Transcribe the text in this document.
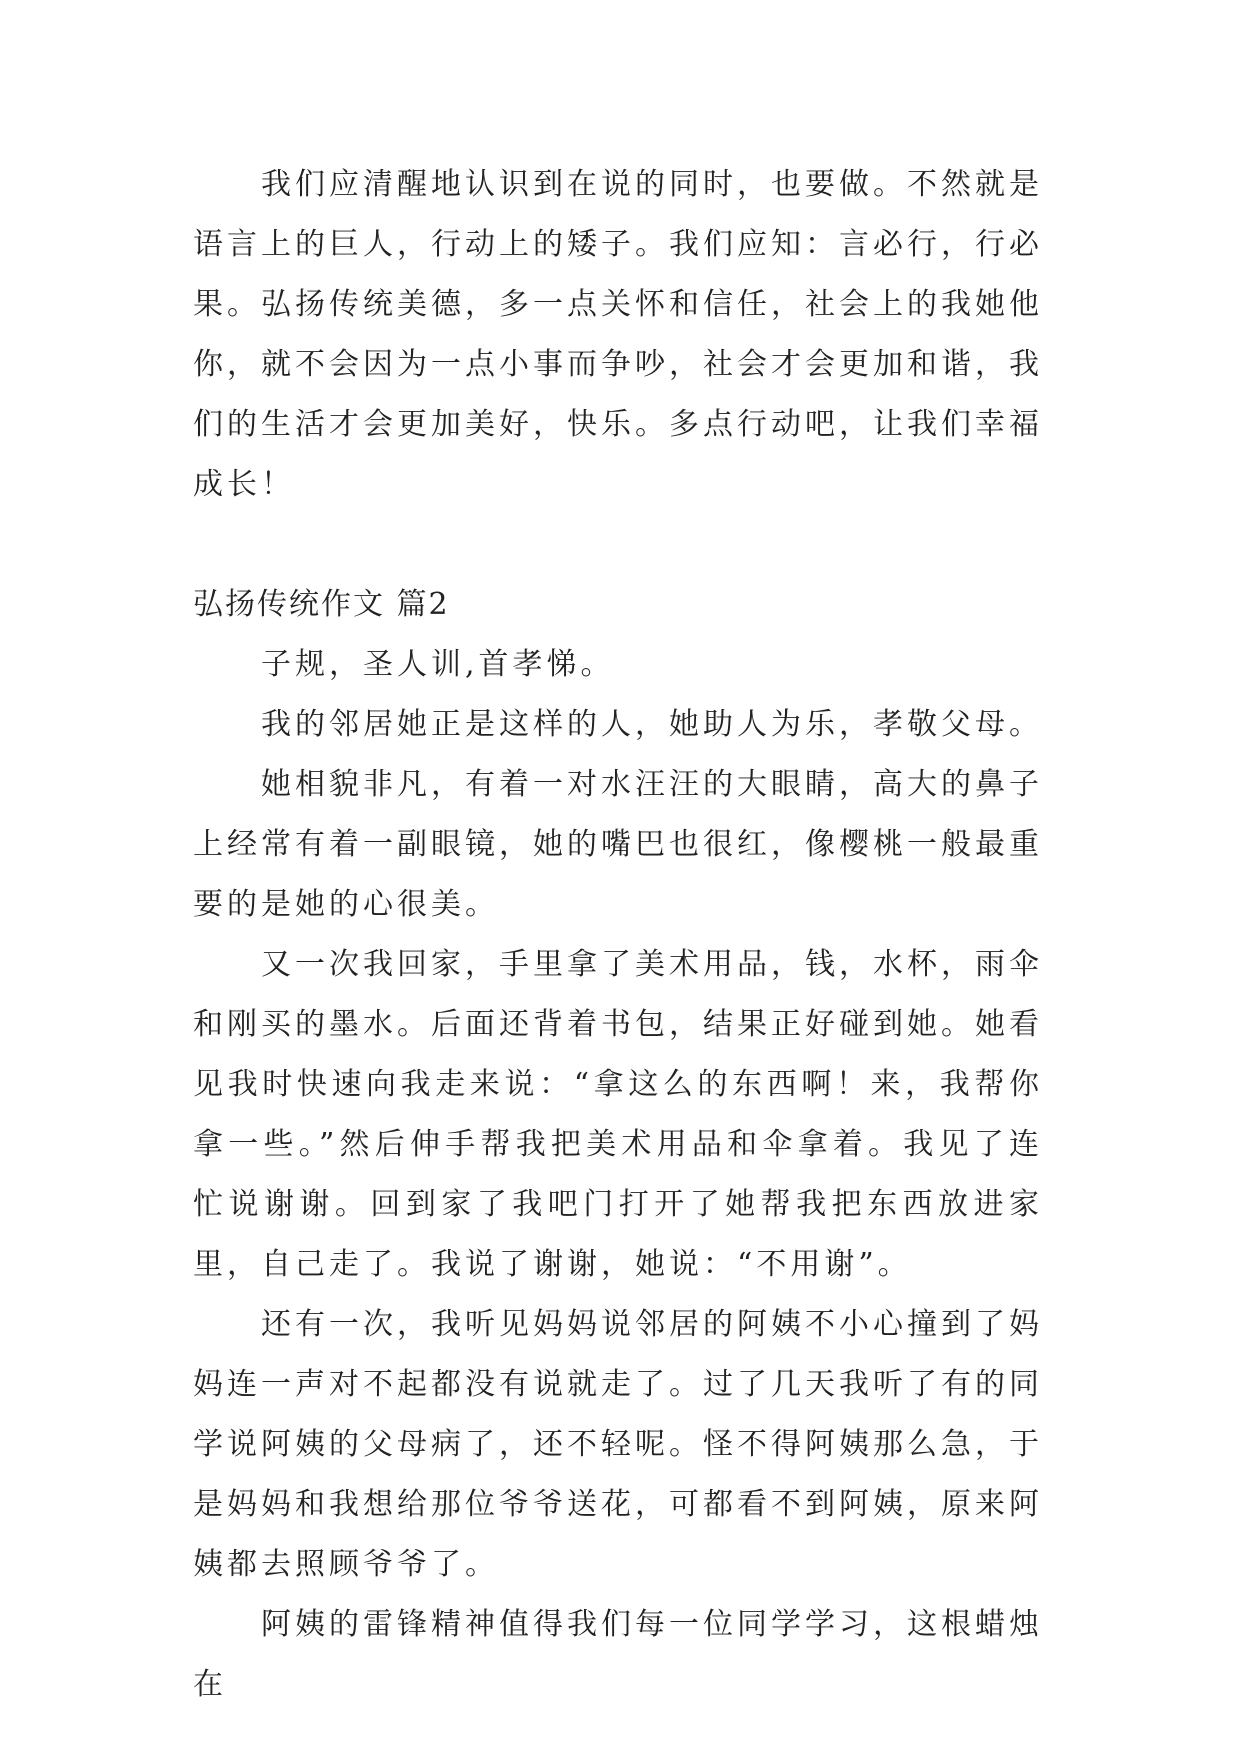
我们应清醒地认识到在说的同时，也要做。不然就是语言上的巨人，行动上的矮子。我们应知：言必行，行必果。弘扬传统美德，多一点关怀和信任，社会上的我她他你，就不会因为一点小事而争吵，社会才会更加和谐，我们的生活才会更加美好，快乐。多点行动吧，让我们幸福成长！

弘扬传统作文 篇2

子规，圣人训,首孝悌。

我的邻居她正是这样的人，她助人为乐，孝敬父母。

她相貌非凡，有着一对水汪汪的大眼睛，高大的鼻子上经常有着一副眼镜，她的嘴巴也很红，像樱桃一般最重要的是她的心很美。

又一次我回家，手里拿了美术用品，钱，水杯，雨伞和刚买的墨水。后面还背着书包，结果正好碰到她。她看见我时快速向我走来说：“拿这么的东西啊！来，我帮你拿一些。”然后伸手帮我把美术用品和伞拿着。我见了连忙说谢谢。回到家了我吧门打开了她帮我把东西放进家里，自己走了。我说了谢谢，她说：“不用谢”。

还有一次，我听见妈妈说邻居的阿姨不小心撞到了妈妈连一声对不起都没有说就走了。过了几天我听了有的同学说阿姨的父母病了，还不轻呢。怪不得阿姨那么急，于是妈妈和我想给那位爷爷送花，可都看不到阿姨，原来阿姨都去照顾爷爷了。

阿姨的雷锋精神值得我们每一位同学学习，这根蜡烛在
